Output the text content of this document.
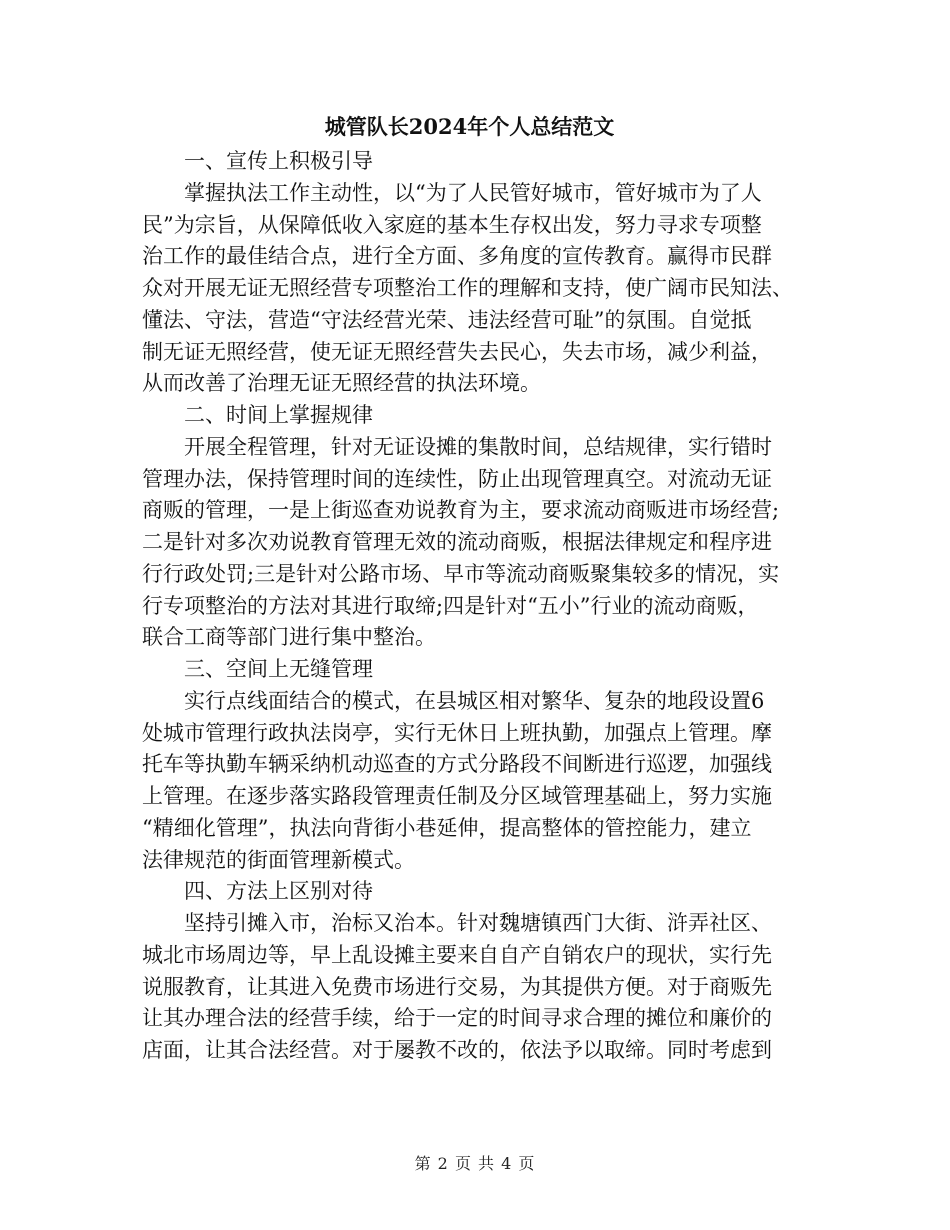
城管队长2024年个人总结范文

一、宣传上积极引导

掌握执法工作主动性，以“为了人民管好城市，管好城市为了人

民”为宗旨，从保障低收入家庭的基本生存权出发，努力寻求专项整

治工作的最佳结合点，进行全方面、多角度的宣传教育。赢得市民群

众对开展无证无照经营专项整治工作的理解和支持，使广阔市民知法、

懂法、守法，营造“守法经营光荣、违法经营可耻”的氛围。自觉抵

制无证无照经营，使无证无照经营失去民心，失去市场，减少利益，

从而改善了治理无证无照经营的执法环境。

二、时间上掌握规律

开展全程管理，针对无证设摊的集散时间，总结规律，实行错时

管理办法，保持管理时间的连续性，防止出现管理真空。对流动无证

商贩的管理，一是上街巡查劝说教育为主，要求流动商贩进市场经营;

二是针对多次劝说教育管理无效的流动商贩，根据法律规定和程序进

行行政处罚;三是针对公路市场、早市等流动商贩聚集较多的情况，实

行专项整治的方法对其进行取缔;四是针对“五小”行业的流动商贩，

联合工商等部门进行集中整治。

三、空间上无缝管理

实行点线面结合的模式，在县城区相对繁华、复杂的地段设置6

处城市管理行政执法岗亭，实行无休日上班执勤，加强点上管理。摩

托车等执勤车辆采纳机动巡查的方式分路段不间断进行巡逻，加强线

上管理。在逐步落实路段管理责任制及分区域管理基础上，努力实施

“精细化管理”，执法向背街小巷延伸，提高整体的管控能力，建立

法律规范的街面管理新模式。

四、方法上区别对待

坚持引摊入市，治标又治本。针对魏塘镇西门大街、浒弄社区、

城北市场周边等，早上乱设摊主要来自自产自销农户的现状，实行先

说服教育，让其进入免费市场进行交易，为其提供方便。对于商贩先

让其办理合法的经营手续，给于一定的时间寻求合理的摊位和廉价的

店面，让其合法经营。对于屡教不改的，依法予以取缔。同时考虑到

第 2 页 共 4 页
